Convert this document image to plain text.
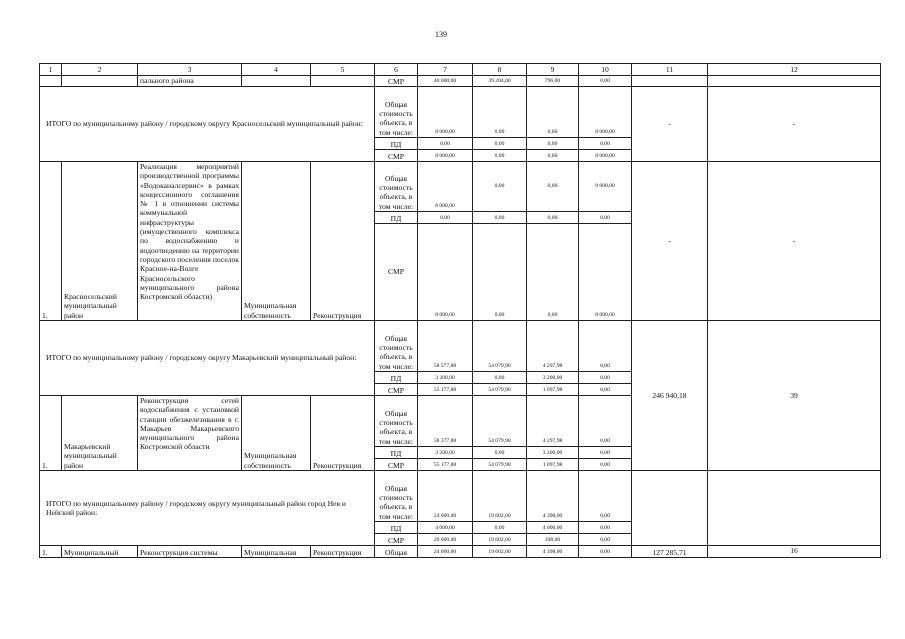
139
1	2	3	4	5	6	7	8	9	10	11	12
		пального района			СМР	40 000,00	39 204,00	796,00	0,00		
ИТОГО по муниципальному району / городскому округу Красносельский муниципальный район:					Общая стоимость объекта, в том числе:	8 000,00	0,00	0,00	8 000,00	-	-
					ПД	0,00	0,00	0,00	0,00		
					СМР	8 000,00	0,00	0,00	8 000,00		
1.	Красносельский муниципальный район	Реализация мероприятий производственной программы «Водоканалсервис» в рамках концессионного соглашения № 1 в отношении системы коммунальной инфраструктуры (имущественного комплекса по водоснабжению и водоотведению на территории городского поселения поселок Красное-на-Волге Красносельского муниципального района Костромской области)	Муниципальная собственность	Реконструкция	Общая стоимость объекта, в том числе:	8 000,00	0,00	0,00	8 000,00	-	-
					ПД	0,00	0,00	0,00	0,00		
					СМР	8 000,00	0,00	0,00	8 000,00		
ИТОГО по муниципальному району / городскому округу Макарьевский муниципальный район:					Общая стоимость объекта, в том числе:	58 377,88	54 079,90	4 297,98	0,00	246 940,18	39
					ПД	3 200,00	0,00	3 200,00	0,00		
					СМР	55 177,88	54 079,90	1 097,98	0,00		
1.	Макарьевский муниципальный район	Реконструкция сетей водоснабжения с установкой станции обезжелезивания в г. Макарьев Макарьевского муниципального района Костромской области	Муниципальная собственность	Реконструкция	Общая стоимость объекта, в том числе:	58 377,88	54 079,90	4 297,98	0,00		
					ПД	3 200,00	0,00	3 200,00	0,00		
					СМР	55 177,88	54 079,90	1 097,98	0,00		
ИТОГО по муниципальному району / городскому округу муниципальный район город Нея и Нейский район:					Общая стоимость объекта, в том числе:	24 000,00	19 602,00	4 398,00	0,00		
					ПД	4 000,00	0,00	4 000,00	0,00		
					СМР	20 000,00	19 602,00	398,00	0,00		
1.	Муниципальный	Реконструкция системы	Муниципальная	Реконструкция	Общая	24 000,00	19 602,00	4 398,00	0,00	127 285,71	16
